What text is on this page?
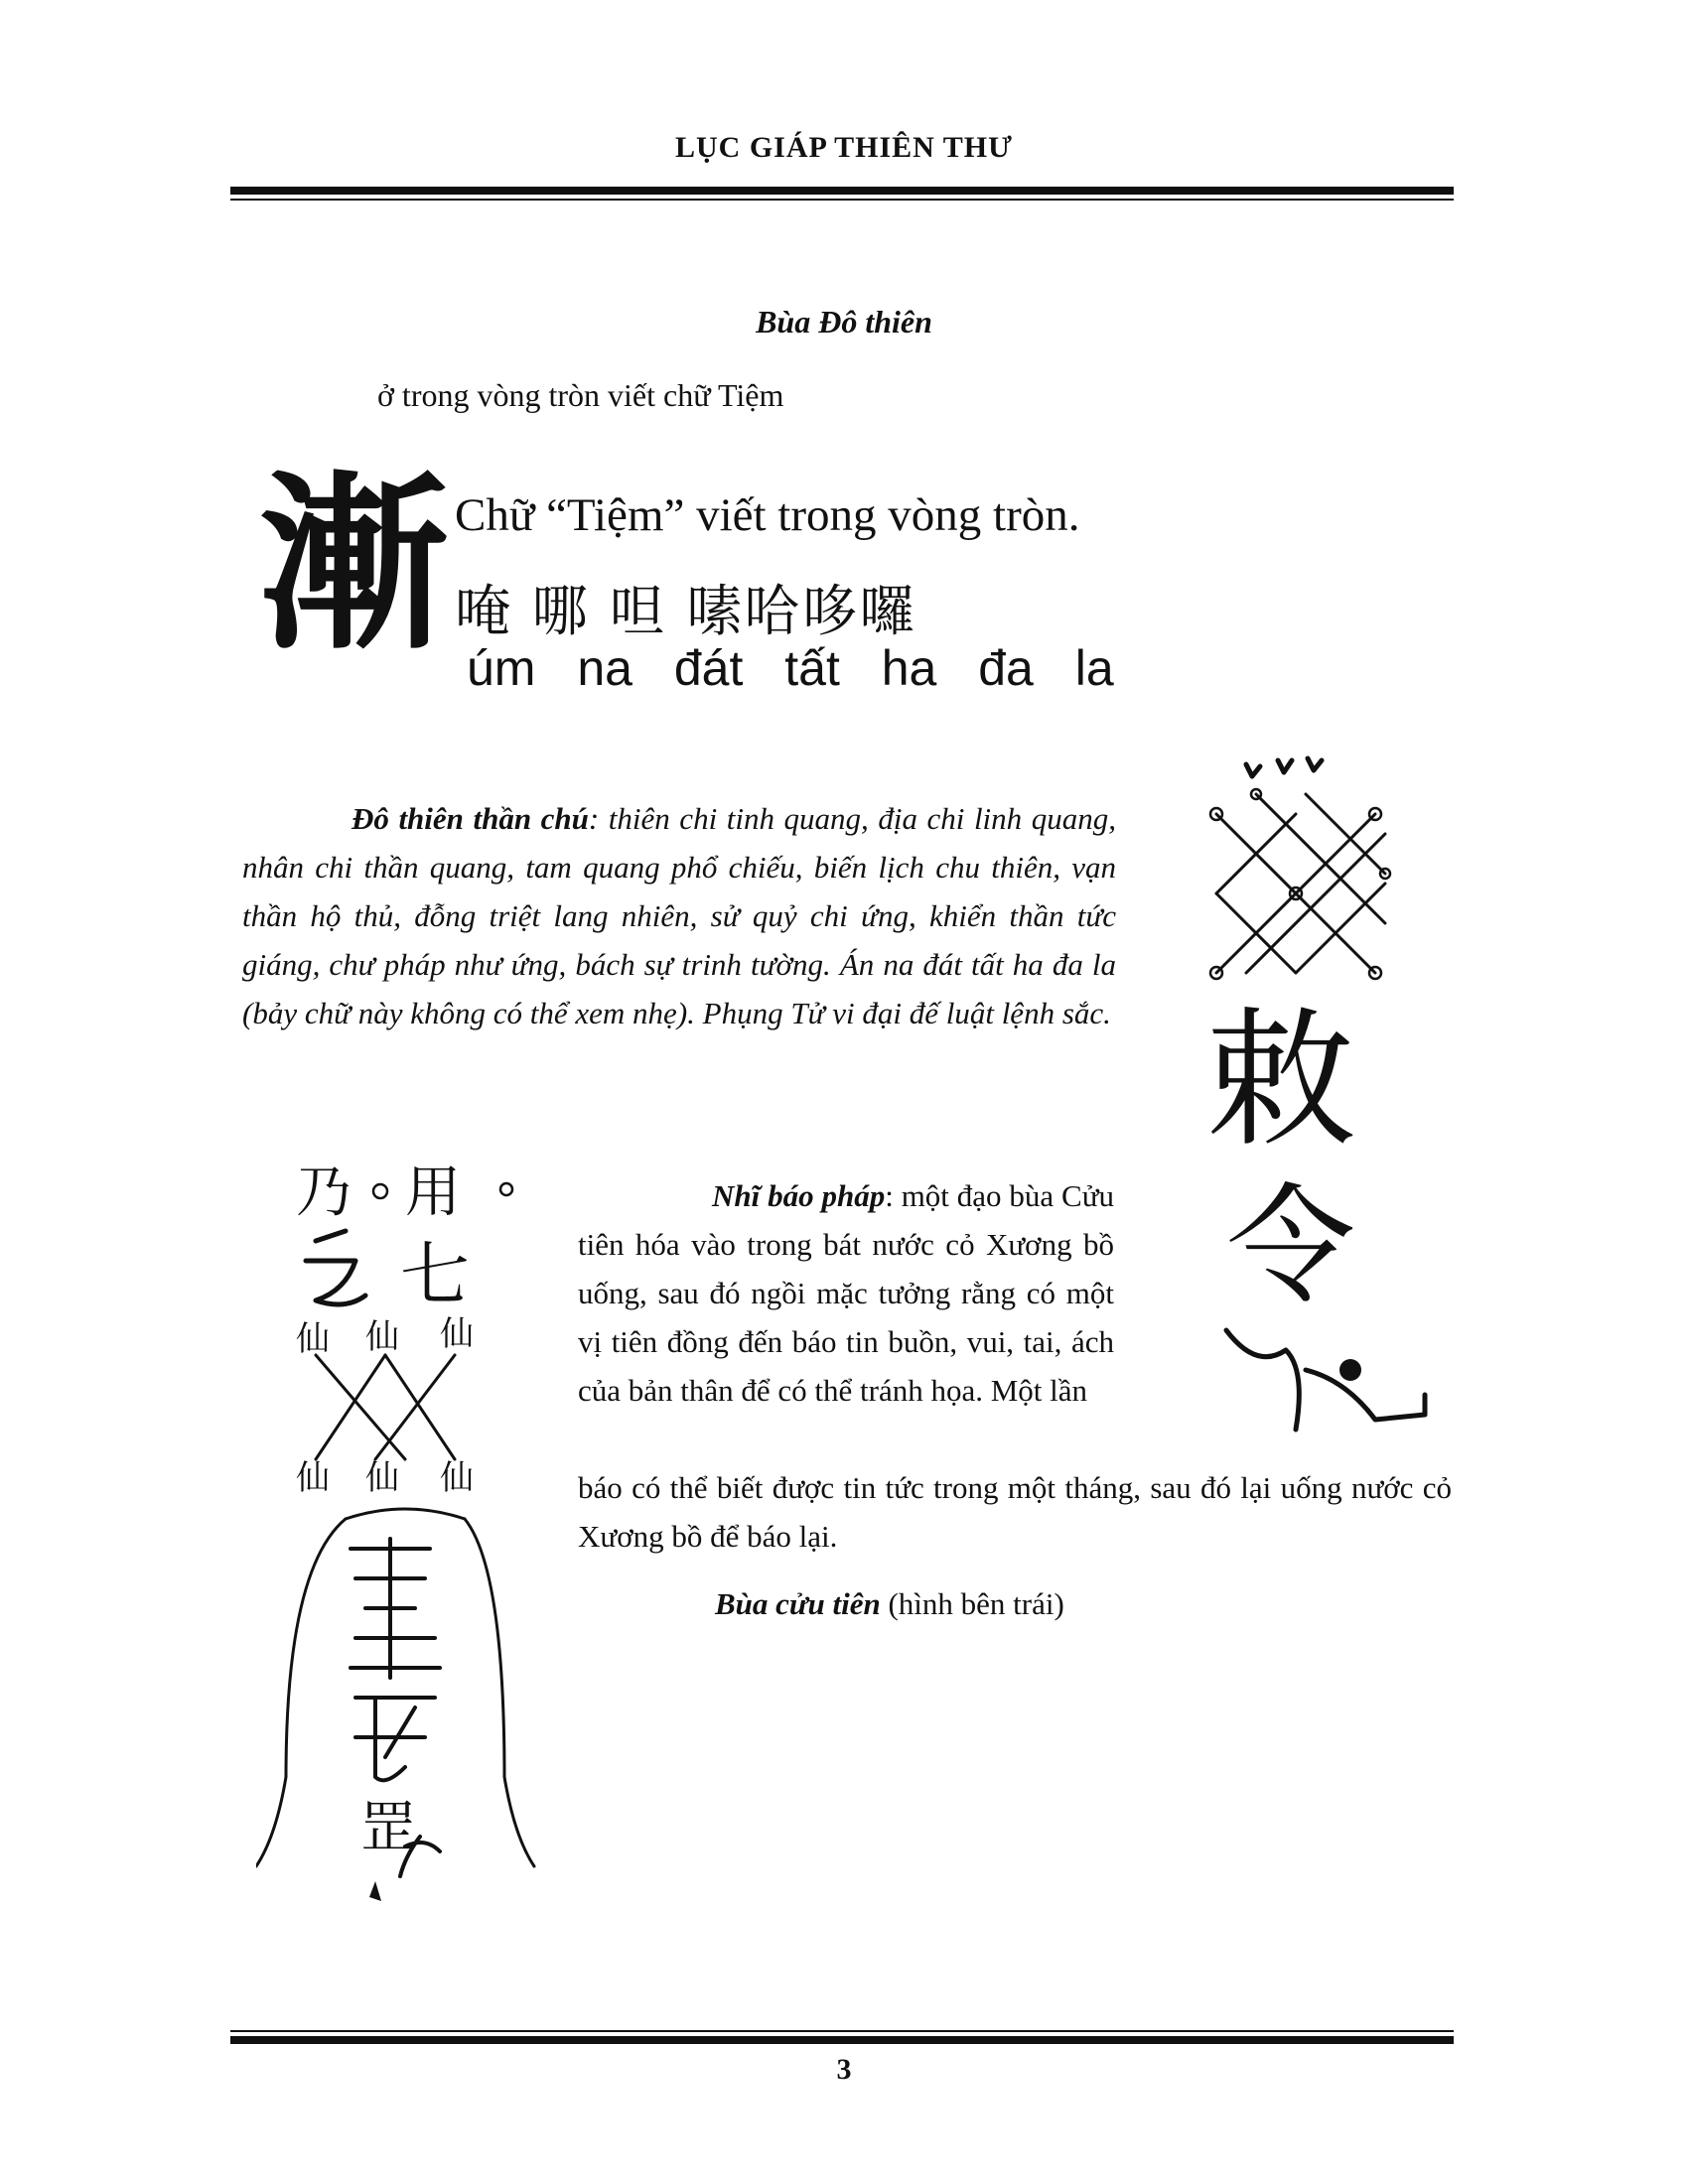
LỤC GIÁP THIÊN THƯ
Bùa Đô thiên
ở trong vòng tròn viết chữ Tiệm
漸 Chữ “Tiệm” viết trong vòng tròn.
唵 哪 呾 嗉哈哆囉
úm na đát tất ha đa la
Đô thiên thần chú: thiên chi tinh quang, địa chi linh quang, nhân chi thần quang, tam quang phổ chiếu, biến lịch chu thiên, vạn thần hộ thủ, đỗng triệt lang nhiên, sử quỷ chi ứng, khiển thần tức giáng, chư pháp như ứng, bách sự trinh tường. Án na đát tất ha đa la (bảy chữ này không có thể xem nhẹ). Phụng Tử vi đại đế luật lệnh sắc. 敕
令
乃 用
七
仙 仙 仙
仙 仙 仙
罡
Nhĩ báo pháp: một đạo bùa Cửu tiên hóa vào trong bát nước cỏ Xương bồ uống, sau đó ngồi mặc tưởng rằng có một vị tiên đồng đến báo tin buồn, vui, tai, ách của bản thân để có thể tránh họa. Một lần
báo có thể biết được tin tức trong một tháng, sau đó lại uống nước cỏ Xương bồ để báo lại.
Bùa cửu tiên (hình bên trái)
3
